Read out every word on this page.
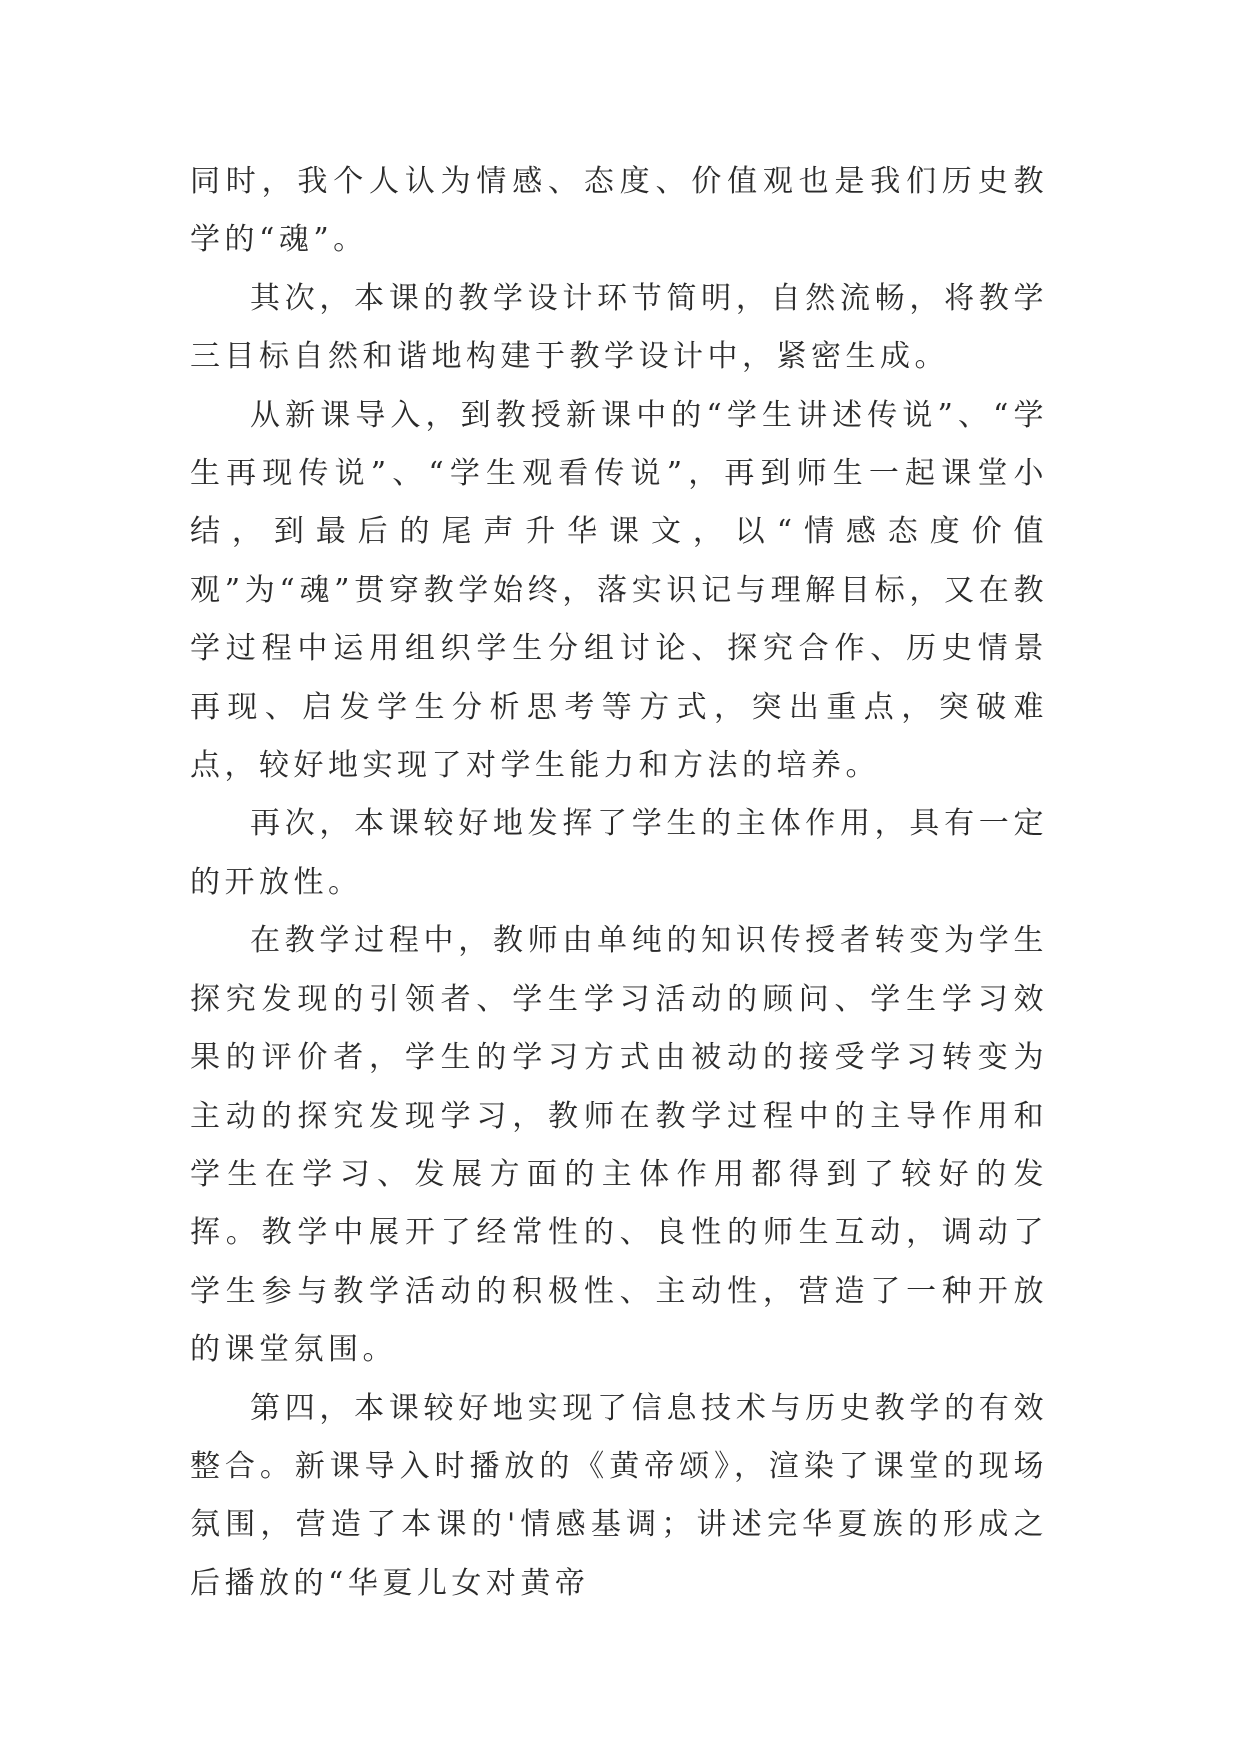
同时，我个人认为情感、态度、价值观也是我们历史教学的“魂”。

其次，本课的教学设计环节简明，自然流畅，将教学三目标自然和谐地构建于教学设计中，紧密生成。

从新课导入，到教授新课中的“学生讲述传说”、“学生再现传说”、“学生观看传说”，再到师生一起课堂小结，到最后的尾声升华课文，以“情感态度价值观”为“魂”贯穿教学始终，落实识记与理解目标，又在教学过程中运用组织学生分组讨论、探究合作、历史情景再现、启发学生分析思考等方式，突出重点，突破难点，较好地实现了对学生能力和方法的培养。

再次，本课较好地发挥了学生的主体作用，具有一定的开放性。

在教学过程中，教师由单纯的知识传授者转变为学生探究发现的引领者、学生学习活动的顾问、学生学习效果的评价者，学生的学习方式由被动的接受学习转变为主动的探究发现学习，教师在教学过程中的主导作用和学生在学习、发展方面的主体作用都得到了较好的发挥。教学中展开了经常性的、良性的师生互动，调动了学生参与教学活动的积极性、主动性，营造了一种开放的课堂氛围。

第四，本课较好地实现了信息技术与历史教学的有效整合。新课导入时播放的《黄帝颂》，渲染了课堂的现场氛围，营造了本课的'情感基调；讲述完华夏族的形成之后播放的“华夏儿女对黄帝
